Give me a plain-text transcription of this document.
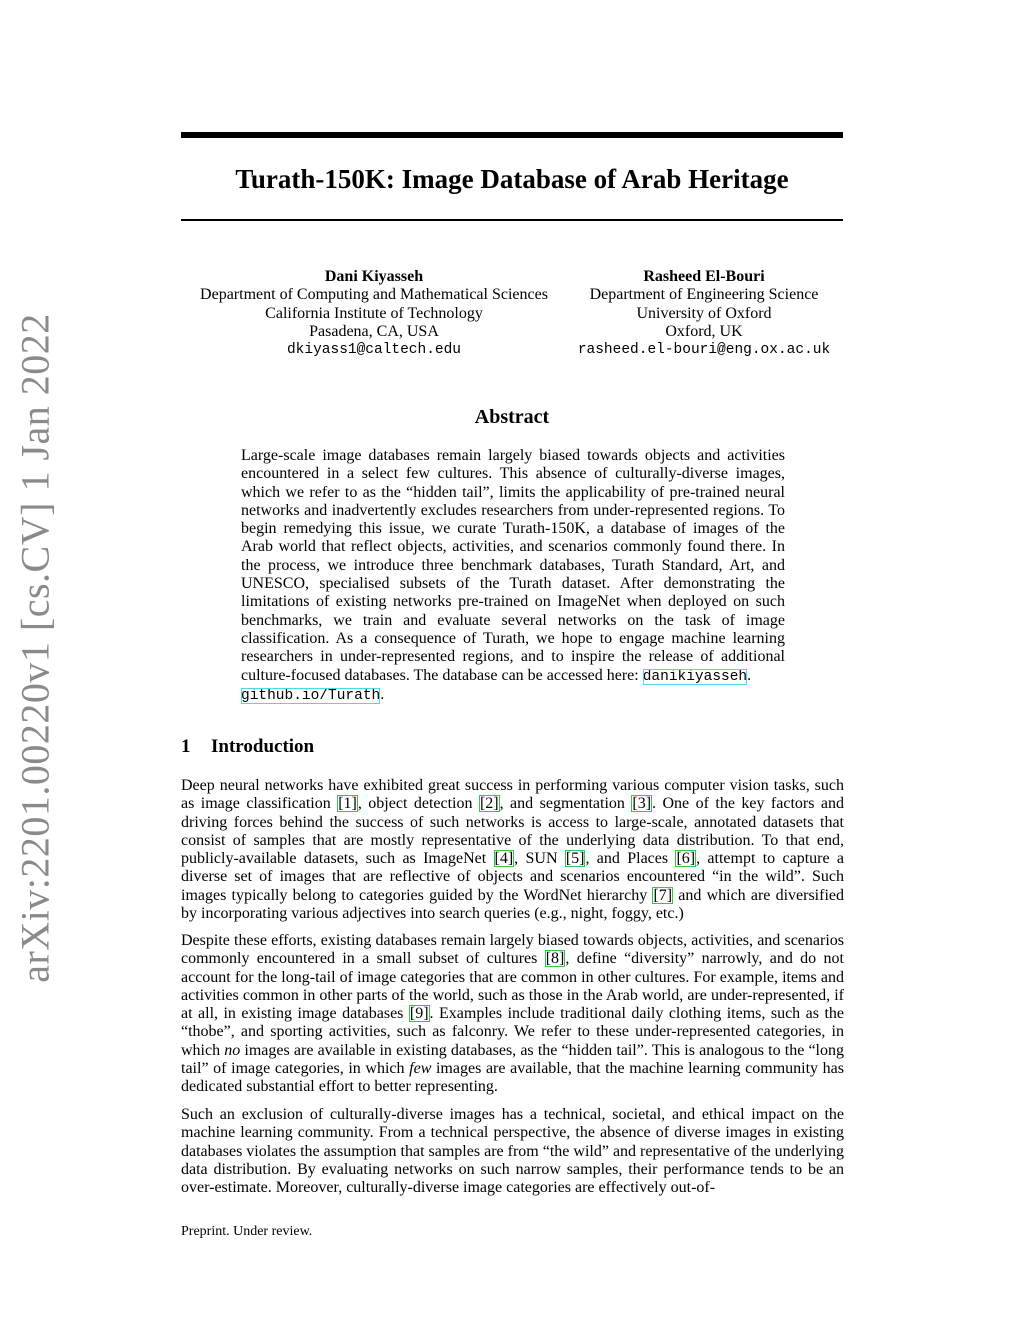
arXiv:2201.00220v1 [cs.CV] 1 Jan 2022
Turath-150K: Image Database of Arab Heritage
Dani Kiyasseh
Department of Computing and Mathematical Sciences
California Institute of Technology
Pasadena, CA, USA
dkiyass1@caltech.edu
Rasheed El-Bouri
Department of Engineering Science
University of Oxford
Oxford, UK
rasheed.el-bouri@eng.ox.ac.uk
Abstract

Large-scale image databases remain largely biased towards objects and activities encountered in a select few cultures. This absence of culturally-diverse images, which we refer to as the “hidden tail”, limits the applicability of pre-trained neural networks and inadvertently excludes researchers from under-represented regions. To begin remedying this issue, we curate Turath-150K, a database of images of the Arab world that reflect objects, activities, and scenarios commonly found there. In the process, we introduce three benchmark databases, Turath Standard, Art, and UNESCO, specialised subsets of the Turath dataset. After demonstrating the limitations of existing networks pre-trained on ImageNet when deployed on such benchmarks, we train and evaluate several networks on the task of image classification. As a consequence of Turath, we hope to engage machine learning researchers in under-represented regions, and to inspire the release of additional culture-focused databases. The database can be accessed here: danikiyasseh.
github.io/Turath.

1 Introduction

Deep neural networks have exhibited great success in performing various computer vision tasks, such as image classification [1], object detection [2], and segmentation [3]. One of the key factors and driving forces behind the success of such networks is access to large-scale, annotated datasets that consist of samples that are mostly representative of the underlying data distribution. To that end, publicly-available datasets, such as ImageNet [4], SUN [5], and Places [6], attempt to capture a diverse set of images that are reflective of objects and scenarios encountered “in the wild”. Such images typically belong to categories guided by the WordNet hierarchy [7] and which are diversified by incorporating various adjectives into search queries (e.g., night, foggy, etc.)

Despite these efforts, existing databases remain largely biased towards objects, activities, and scenarios commonly encountered in a small subset of cultures [8], define “diversity” narrowly, and do not account for the long-tail of image categories that are common in other cultures. For example, items and activities common in other parts of the world, such as those in the Arab world, are under-represented, if at all, in existing image databases [9]. Examples include traditional daily clothing items, such as the “thobe”, and sporting activities, such as falconry. We refer to these under-represented categories, in which no images are available in existing databases, as the “hidden tail”. This is analogous to the “long tail” of image categories, in which few images are available, that the machine learning community has dedicated substantial effort to better representing.

Such an exclusion of culturally-diverse images has a technical, societal, and ethical impact on the machine learning community. From a technical perspective, the absence of diverse images in existing databases violates the assumption that samples are from “the wild” and representative of the underlying data distribution. By evaluating networks on such narrow samples, their performance tends to be an over-estimate. Moreover, culturally-diverse image categories are effectively out-of-

Preprint. Under review.
